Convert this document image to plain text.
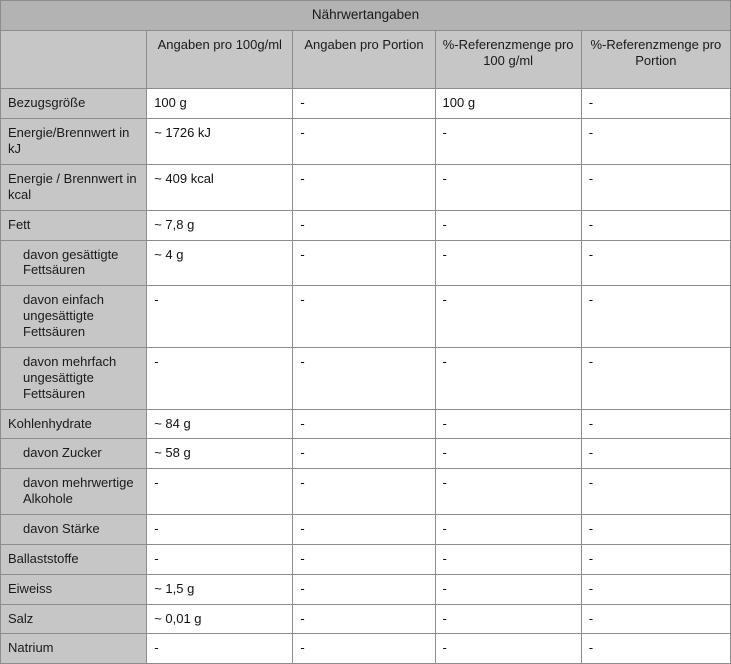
Nährwertangaben				
	Angaben pro 100g/ml	Angaben pro Portion	%-Referenzmenge pro 100 g/ml	%-Referenzmenge pro Portion
Bezugsgröße	100 g	-	100 g	-
Energie/Brennwert in kJ	~ 1726 kJ	-	-	-
Energie / Brennwert in kcal	~ 409 kcal	-	-	-
Fett	~ 7,8 g	-	-	-
davon gesättigte Fettsäuren	~ 4 g	-	-	-
davon einfach ungesättigte Fettsäuren	-	-	-	-
davon mehrfach ungesättigte Fettsäuren	-	-	-	-
Kohlenhydrate	~ 84 g	-	-	-
davon Zucker	~ 58 g	-	-	-
davon mehrwertige Alkohole	-	-	-	-
davon Stärke	-	-	-	-
Ballaststoffe	-	-	-	-
Eiweiss	~ 1,5 g	-	-	-
Salz	~ 0,01 g	-	-	-
Natrium	-	-	-	-
